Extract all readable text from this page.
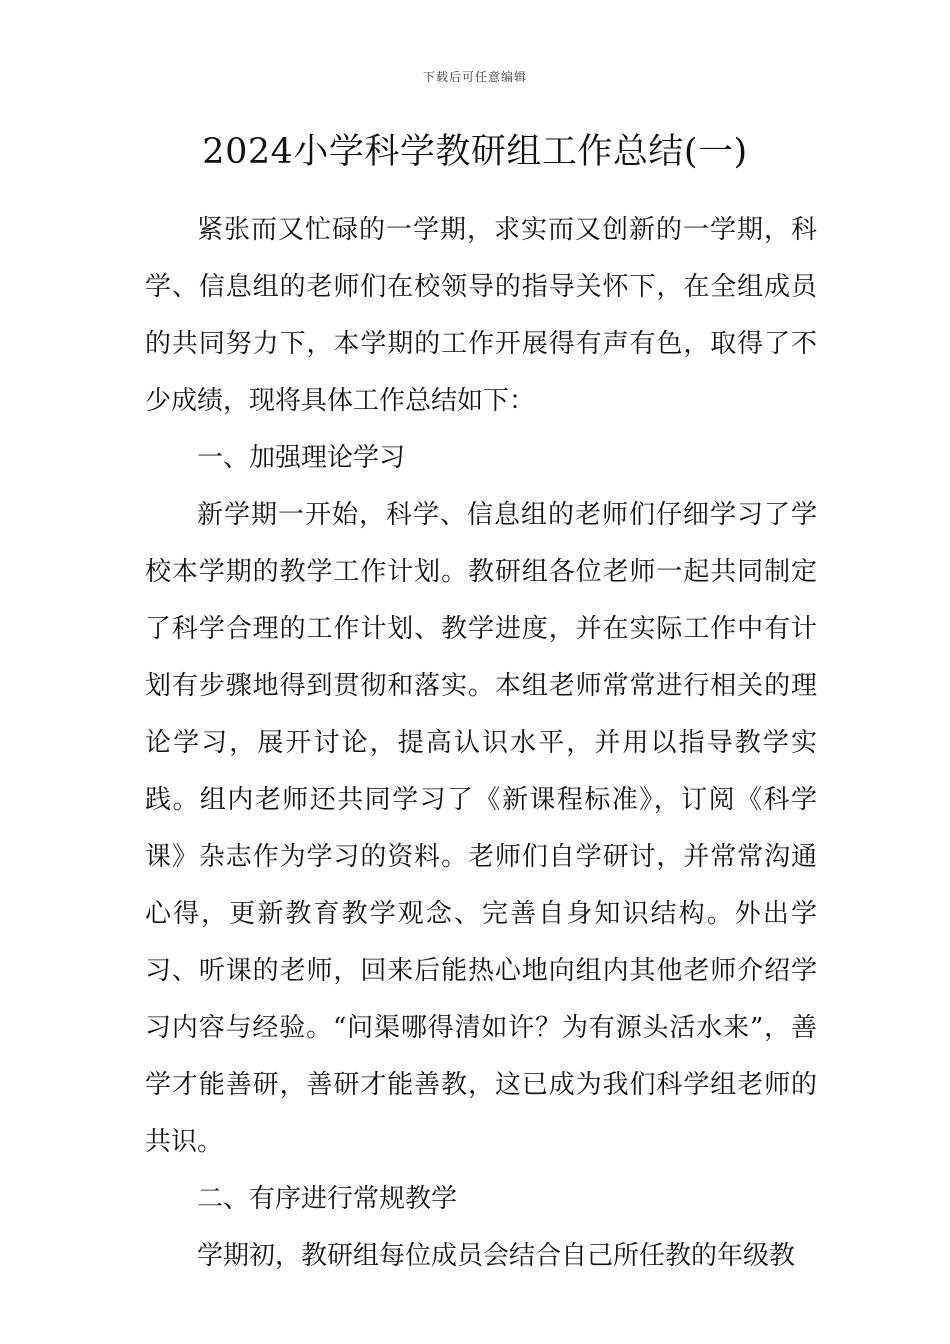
下载后可任意编辑
2024小学科学教研组工作总结(一)

紧张而又忙碌的一学期，求实而又创新的一学期，科学、信息组的老师们在校领导的指导关怀下，在全组成员的共同努力下，本学期的工作开展得有声有色，取得了不少成绩，现将具体工作总结如下：

一、加强理论学习

新学期一开始，科学、信息组的老师们仔细学习了学校本学期的教学工作计划。教研组各位老师一起共同制定了科学合理的工作计划、教学进度，并在实际工作中有计划有步骤地得到贯彻和落实。本组老师常常进行相关的理论学习，展开讨论，提高认识水平，并用以指导教学实践。组内老师还共同学习了《新课程标准》，订阅《科学课》杂志作为学习的资料。老师们自学研讨，并常常沟通心得，更新教育教学观念、完善自身知识结构。外出学习、听课的老师，回来后能热心地向组内其他老师介绍学习内容与经验。“问渠哪得清如许？为有源头活水来”，善学才能善研，善研才能善教，这已成为我们科学组老师的共识。

二、有序进行常规教学

学期初，教研组每位成员会结合自己所任教的年级教
